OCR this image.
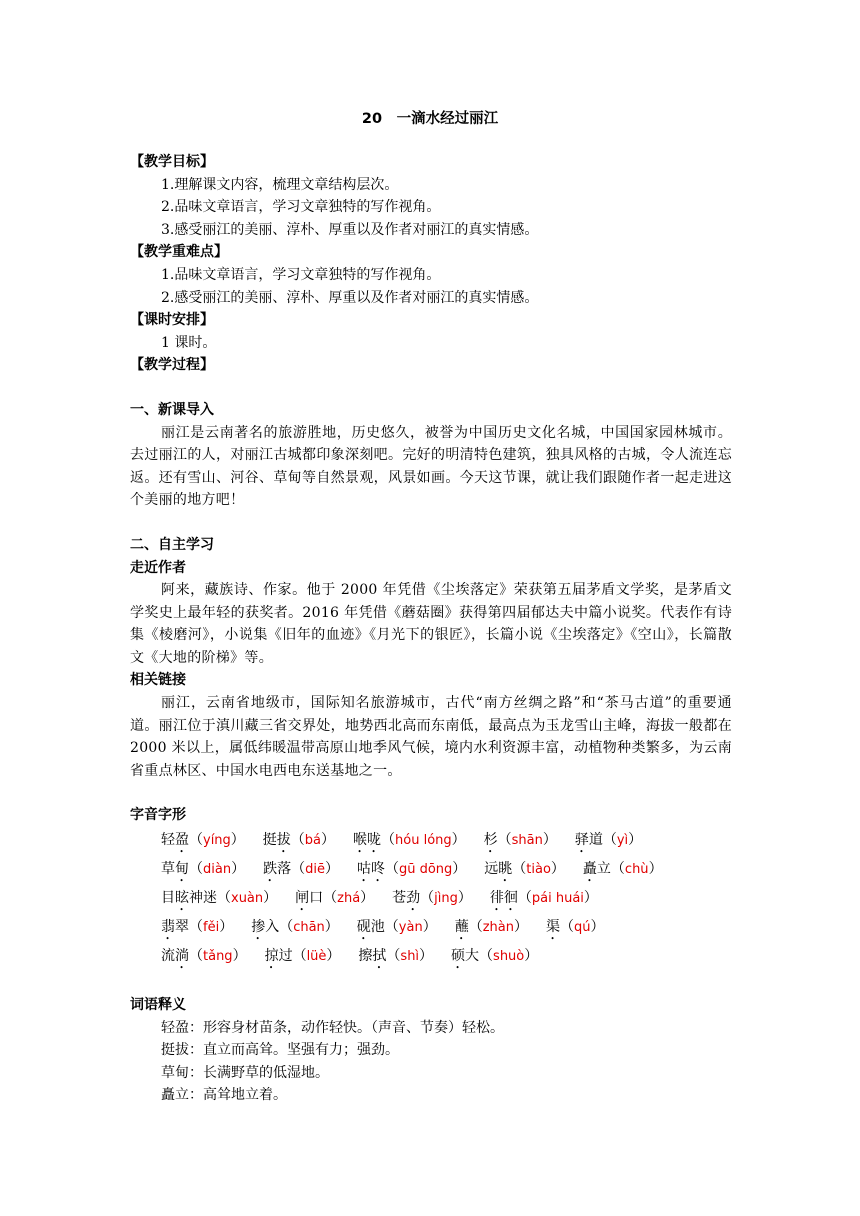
20　一滴水经过丽江
【教学目标】
1.理解课文内容，梳理文章结构层次。
2.品味文章语言，学习文章独特的写作视角。
3.感受丽江的美丽、淳朴、厚重以及作者对丽江的真实情感。
【教学重难点】
1.品味文章语言，学习文章独特的写作视角。
2.感受丽江的美丽、淳朴、厚重以及作者对丽江的真实情感。
【课时安排】
1 课时。
【教学过程】
一、新课导入
丽江是云南著名的旅游胜地，历史悠久，被誉为中国历史文化名城，中国国家园林城市。去过丽江的人，对丽江古城都印象深刻吧。完好的明清特色建筑，独具风格的古城，令人流连忘返。还有雪山、河谷、草甸等自然景观，风景如画。今天这节课，就让我们跟随作者一起走进这个美丽的地方吧！
二、自主学习
走近作者
阿来，藏族诗、作家。他于 2000 年凭借《尘埃落定》荣获第五届茅盾文学奖，是茅盾文学奖史上最年轻的获奖者。2016 年凭借《蘑菇圈》获得第四届郁达夫中篇小说奖。代表作有诗集《棱磨河》，小说集《旧年的血迹》《月光下的银匠》，长篇小说《尘埃落定》《空山》，长篇散文《大地的阶梯》等。
相关链接
丽江，云南省地级市，国际知名旅游城市，古代“南方丝绸之路”和“茶马古道”的重要通道。丽江位于滇川藏三省交界处，地势西北高而东南低，最高点为玉龙雪山主峰，海拔一般都在 2000 米以上，属低纬暖温带高原山地季风气候，境内水利资源丰富，动植物种类繁多，为云南省重点林区、中国水电西电东送基地之一。
字音字形
轻盈（yíng） 挺拔（bá） 喉咙（hóu lóng） 杉（shān） 驿道（yì）
草甸（diàn） 跌落（diē） 咕咚（gū dōng） 远眺（tiào） 矗立（chù）
目眩神迷（xuàn） 闸口（zhá） 苍劲（jìng） 徘徊（pái huái）
翡翠（fěi） 掺入（chān） 砚池（yàn） 蘸（zhàn） 渠（qú）
流淌（tǎng） 掠过（lüè） 擦拭（shì） 硕大（shuò）
词语释义
轻盈：形容身材苗条，动作轻快。（声音、节奏）轻松。
挺拔：直立而高耸。坚强有力；强劲。
草甸：长满野草的低湿地。
矗立：高耸地立着。
